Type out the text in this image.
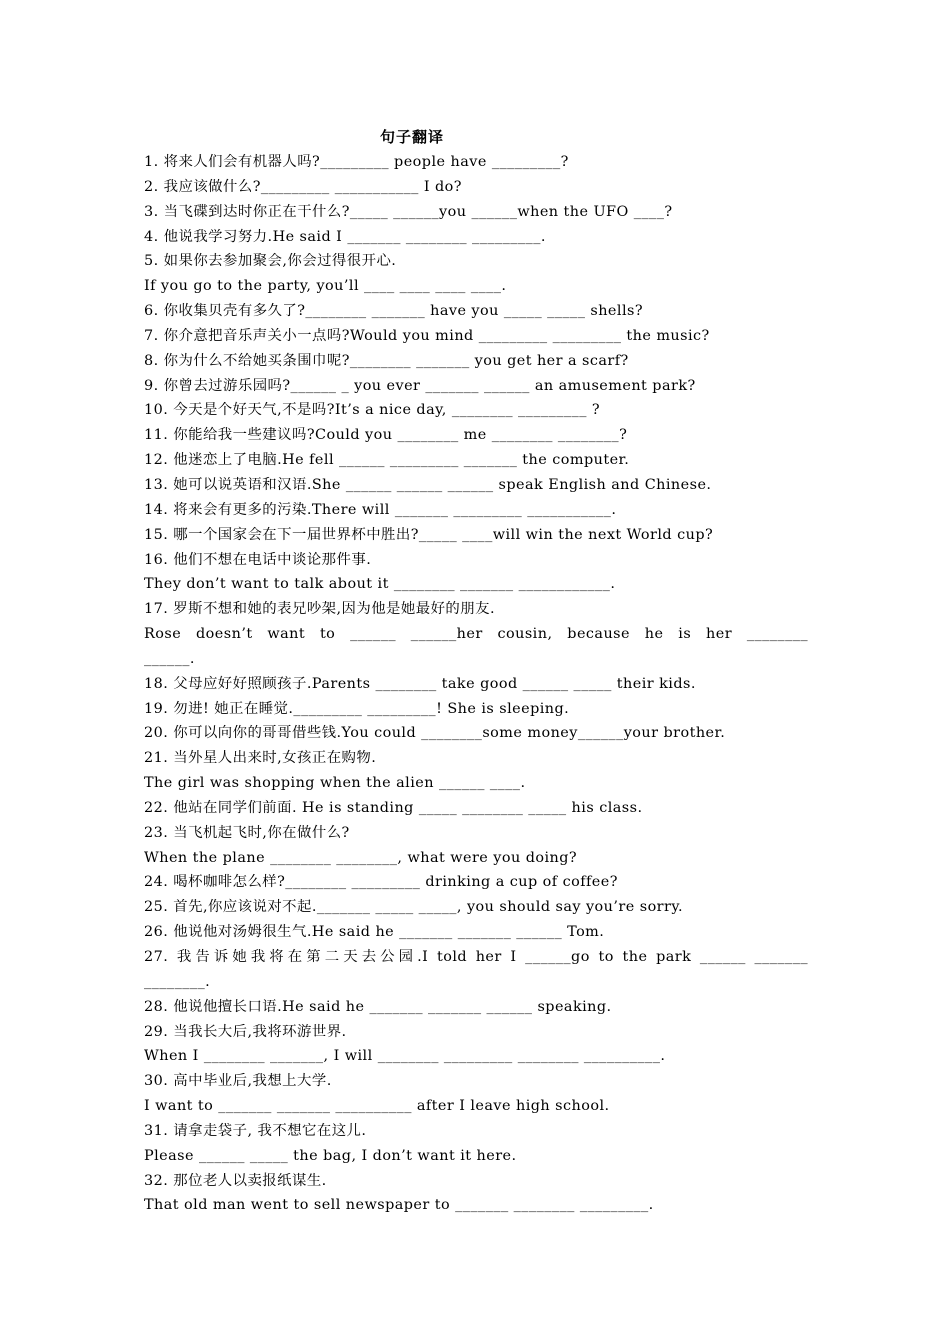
句子翻译
1. 将来人们会有机器人吗?_________ people have _________?
2. 我应该做什么?_________ ___________ I do?
3. 当飞碟到达时你正在干什么?_____ ______you ______when the UFO ____?
4. 他说我学习努力.He said I _______ ________ _________.
5. 如果你去参加聚会,你会过得很开心.
If you go to the party, you’ll ____ ____ ____ ____.
6. 你收集贝壳有多久了?________ _______ have you _____ _____ shells?
7. 你介意把音乐声关小一点吗?Would you mind _________ _________ the music?
8. 你为什么不给她买条围巾呢?________ _______ you get her a scarf?
9. 你曾去过游乐园吗?______ _ you ever _______ ______ an amusement park?
10. 今天是个好天气,不是吗?It’s a nice day, ________ _________ ?
11. 你能给我一些建议吗?Could you ________ me ________ ________?
12. 他迷恋上了电脑.He fell ______ _________ _______ the computer.
13. 她可以说英语和汉语.She ______ ______ ______ speak English and Chinese.
14. 将来会有更多的污染.There will _______ _________ ___________.
15. 哪一个国家会在下一届世界杯中胜出?_____ ____will win the next World cup?
16. 他们不想在电话中谈论那件事.
They don’t want to talk about it ________ _______ ____________.
17. 罗斯不想和她的表兄吵架,因为他是她最好的朋友.
Rose doesn’t want to ______ ______her cousin, because he is her ________
______.
18. 父母应好好照顾孩子.Parents ________ take good ______ _____ their kids.
19. 勿进! 她正在睡觉._________ _________! She is sleeping.
20. 你可以向你的哥哥借些钱.You could ________some money______your brother.
21. 当外星人出来时,女孩正在购物.
The girl was shopping when the alien ______ ____.
22. 他站在同学们前面. He is standing _____ ________ _____ his class.
23. 当飞机起飞时,你在做什么?
When the plane ________ ________, what were you doing?
24. 喝杯咖啡怎么样?________ _________ drinking a cup of coffee?
25. 首先,你应该说对不起._______ _____ _____, you should say you’re sorry.
26. 他说他对汤姆很生气.He said he _______ _______ ______ Tom.
27. 我告诉她我将在第二天去公园.I told her I ______go to the park ______ _______
________.
28. 他说他擅长口语.He said he _______ _______ ______ speaking.
29. 当我长大后,我将环游世界.
When I ________ _______, I will ________ _________ ________ __________.
30. 高中毕业后,我想上大学.
I want to _______ _______ __________ after I leave high school.
31. 请拿走袋子, 我不想它在这儿.
Please ______ _____ the bag, I don’t want it here.
32. 那位老人以卖报纸谋生.
That old man went to sell newspaper to _______ ________ _________.
